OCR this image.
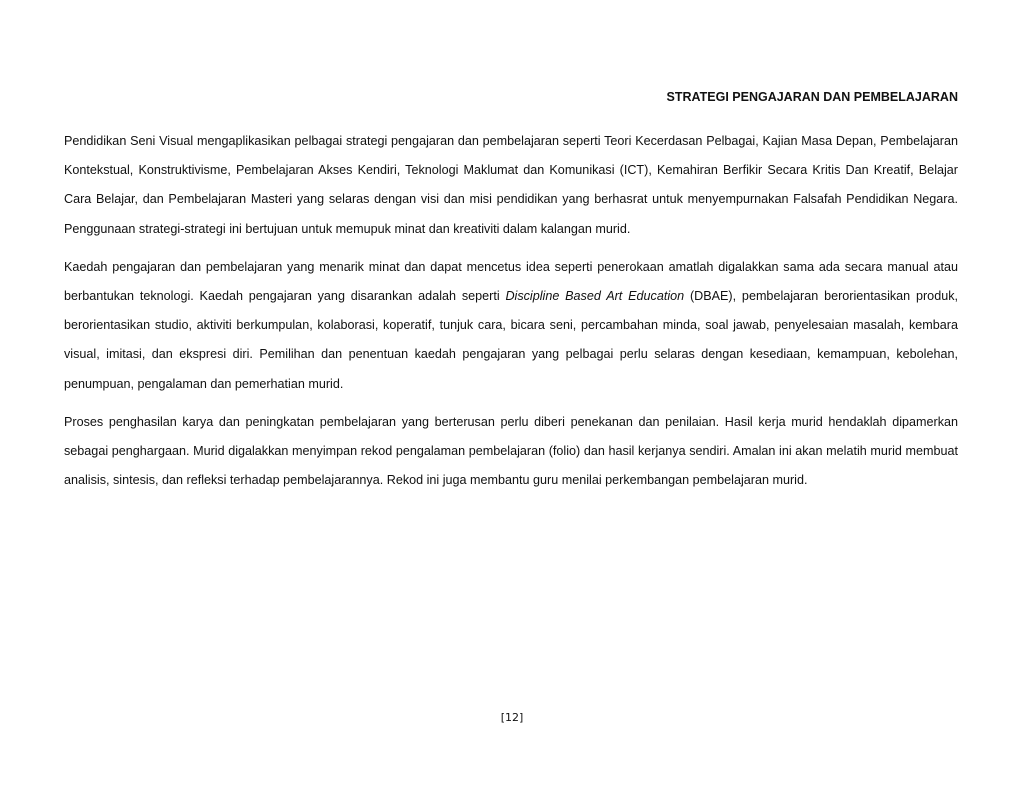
STRATEGI PENGAJARAN DAN PEMBELAJARAN

Pendidikan Seni Visual mengaplikasikan pelbagai strategi pengajaran dan pembelajaran seperti Teori Kecerdasan Pelbagai, Kajian Masa Depan, Pembelajaran Kontekstual, Konstruktivisme, Pembelajaran Akses Kendiri, Teknologi Maklumat dan Komunikasi (ICT), Kemahiran Berfikir Secara Kritis Dan Kreatif, Belajar Cara Belajar, dan Pembelajaran Masteri yang selaras dengan visi dan misi pendidikan yang berhasrat untuk menyempurnakan Falsafah Pendidikan Negara. Penggunaan strategi-strategi ini bertujuan untuk memupuk minat dan kreativiti dalam kalangan murid.

Kaedah pengajaran dan pembelajaran yang menarik minat dan dapat mencetus idea seperti penerokaan amatlah digalakkan sama ada secara manual atau berbantukan teknologi. Kaedah pengajaran yang disarankan adalah seperti Discipline Based Art Education (DBAE), pembelajaran berorientasikan produk, berorientasikan studio, aktiviti berkumpulan, kolaborasi, koperatif, tunjuk cara, bicara seni, percambahan minda, soal jawab, penyelesaian masalah, kembara visual, imitasi, dan ekspresi diri. Pemilihan dan penentuan kaedah pengajaran yang pelbagai perlu selaras dengan kesediaan, kemampuan, kebolehan, penumpuan, pengalaman dan pemerhatian murid.

Proses penghasilan karya dan peningkatan pembelajaran yang berterusan perlu diberi penekanan dan penilaian. Hasil kerja murid hendaklah dipamerkan sebagai penghargaan. Murid digalakkan menyimpan rekod pengalaman pembelajaran (folio) dan hasil kerjanya sendiri. Amalan ini akan melatih murid membuat analisis, sintesis, dan refleksi terhadap pembelajarannya. Rekod ini juga membantu guru menilai perkembangan pembelajaran murid.

[12]
